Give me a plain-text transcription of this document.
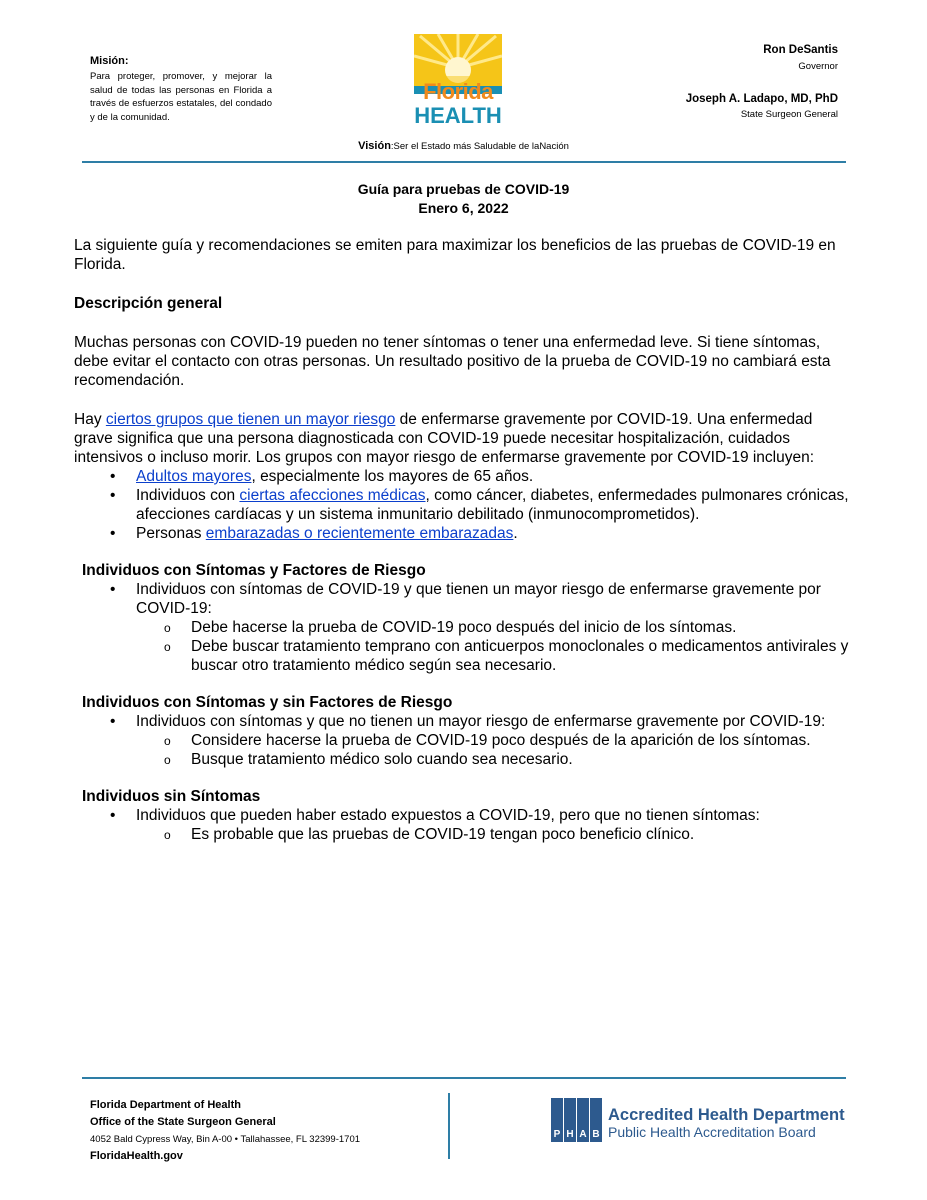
Misión:
Para proteger, promover, y mejorar la salud de todas las personas en Florida a través de esfuerzos estatales, del condado y de la comunidad.
Florida
HEALTH
Ron DeSantis
Governor
Joseph A. Ladapo, MD, PhD
State Surgeon General
Visión:Ser el Estado más Saludable de laNación
Guía para pruebas de COVID-19
Enero 6, 2022

La siguiente guía y recomendaciones se emiten para maximizar los beneficios de las pruebas de COVID-19 en Florida.

Descripción general

Muchas personas con COVID-19 pueden no tener síntomas o tener una enfermedad leve. Si tiene síntomas, debe evitar el contacto con otras personas. Un resultado positivo de la prueba de COVID-19 no cambiará esta recomendación.

Hay ciertos grupos que tienen un mayor riesgo de enfermarse gravemente por COVID-19. Una enfermedad grave significa que una persona diagnosticada con COVID-19 puede necesitar hospitalización, cuidados intensivos o incluso morir. Los grupos con mayor riesgo de enfermarse gravemente por COVID-19 incluyen:
• Adultos mayores, especialmente los mayores de 65 años.
• Individuos con ciertas afecciones médicas, como cáncer, diabetes, enfermedades pulmonares crónicas, afecciones cardíacas y un sistema inmunitario debilitado (inmunocomprometidos).
• Personas embarazadas o recientemente embarazadas.
Individuos con Síntomas y Factores de Riesgo
• Individuos con síntomas de COVID-19 y que tienen un mayor riesgo de enfermarse gravemente por COVID-19:
o Debe hacerse la prueba de COVID-19 poco después del inicio de los síntomas.
o Debe buscar tratamiento temprano con anticuerpos monoclonales o medicamentos antivirales y buscar otro tratamiento médico según sea necesario.
Individuos con Síntomas y sin Factores de Riesgo
• Individuos con síntomas y que no tienen un mayor riesgo de enfermarse gravemente por COVID-19:
o Considere hacerse la prueba de COVID-19 poco después de la aparición de los síntomas.
o Busque tratamiento médico solo cuando sea necesario.
Individuos sin Síntomas
• Individuos que pueden haber estado expuestos a COVID-19, pero que no tienen síntomas:
o Es probable que las pruebas de COVID-19 tengan poco beneficio clínico.
Florida Department of Health
Office of the State Surgeon General
4052 Bald Cypress Way, Bin A-00 • Tallahassee, FL 32399-1701
FloridaHealth.gov
P H A B
Accredited Health Department
Public Health Accreditation Board
